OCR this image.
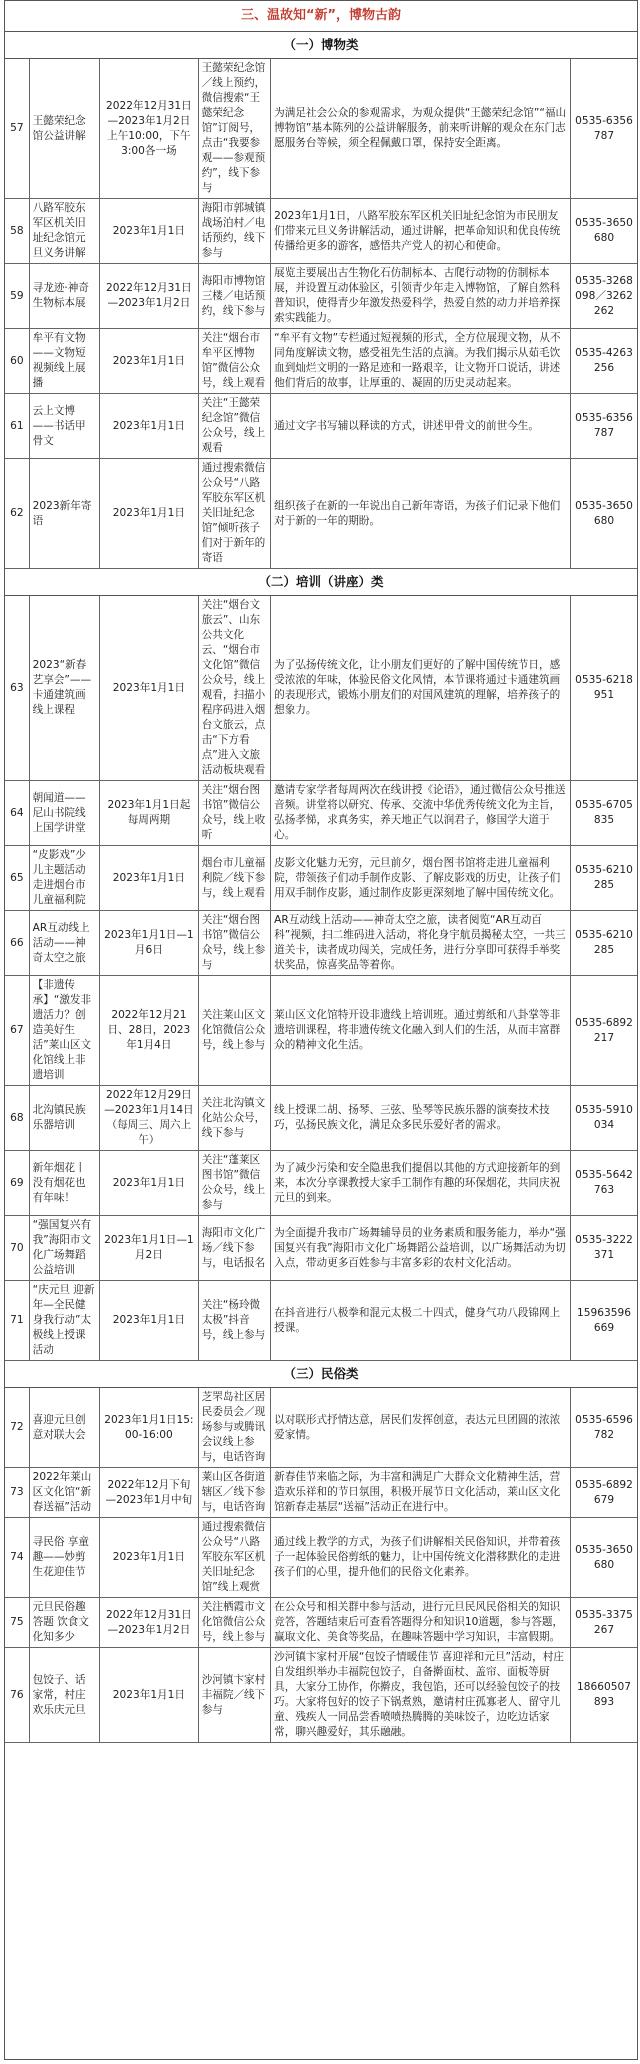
三、温故知“新”，博物古韵
（一）博物类
57	王懿荣纪念馆公益讲解	2022年12月31日—2023年1月2日上午10:00，下午3:00各一场	王懿荣纪念馆／线上预约，微信搜索“王懿荣纪念馆”订阅号，点击“我要参观——参观预约”，线下参与	为满足社会公众的参观需求，为观众提供“王懿荣纪念馆”“福山博物馆”基本陈列的公益讲解服务，前来听讲解的观众在东门志愿服务台等候，须全程佩戴口罩，保持安全距离。	0535-6356787
58	八路军胶东军区机关旧址纪念馆元旦义务讲解	2023年1月1日	海阳市郭城镇战场泊村／电话预约，线下参与	2023年1月1日，八路军胶东军区机关旧址纪念馆为市民朋友们带来元旦义务讲解活动，通过讲解，把革命知识和优良传统传播给更多的游客，感悟共产党人的初心和使命。	0535-3650680
59	寻龙迹·神奇生物标本展	2022年12月31日—2023年1月2日	海阳市博物馆三楼／电话预约，线下参与	展览主要展出古生物化石仿制标本、古爬行动物的仿制标本展，并设置互动体验区，引领青少年走入博物馆，了解自然科普知识，使得青少年激发热爱科学，热爱自然的动力并培养探索实践能力。	0535-3268098／3262262
60	牟平有文物——文物短视频线上展播	2023年1月1日	关注“烟台市牟平区博物馆”微信公众号，线上观看	“牟平有文物”专栏通过短视频的形式，全方位展现文物，从不同角度解读文物，感受祖先生活的点滴。为我们揭示从茹毛饮血到灿烂文明的一路足迹和一路艰辛，让文物开口说话，讲述他们背后的故事，让厚重的、凝固的历史灵动起来。	0535-4263256
61	云上文博——书话甲骨文	2023年1月1日	关注“王懿荣纪念馆”微信公众号，线上观看	通过文字书写辅以释读的方式，讲述甲骨文的前世今生。	0535-6356787
62	2023新年寄语	2023年1月1日	通过搜索微信公众号“八路军胶东军区机关旧址纪念馆”倾听孩子们对于新年的寄语	组织孩子在新的一年说出自己新年寄语，为孩子们记录下他们对于新的一年的期盼。	0535-3650680
（二）培训（讲座）类
63	2023“新春艺享会”——卡通建筑画线上课程	2023年1月1日	关注“烟台文旅云”、山东公共文化云、“烟台市文化馆”微信公众号，线上观看，扫描小程序码进入烟台文旅云，点击“下方看点”进入文旅活动板块观看	为了弘扬传统文化，让小朋友们更好的了解中国传统节日，感受浓浓的年味，体验民俗文化风情，本节课将通过卡通建筑画的表现形式，锻炼小朋友们的对国风建筑的理解，培养孩子的想象力。	0535-6218951
64	朝闻道——尼山书院线上国学讲堂	2023年1月1日起每周两期	关注“烟台图书馆”微信公众号，线上收听	邀请专家学者每周两次在线讲授《论语》，通过微信公众号推送音频。讲堂将以研究、传承、交流中华优秀传统文化为主旨，弘扬孝悌，求真务实，养天地正气以润君子，修国学大道于心。	0535-6705835
65	“皮影戏”少儿主题活动走进烟台市儿童福利院	2023年1月1日	烟台市儿童福利院／线下参与，线上观看	皮影文化魅力无穷，元旦前夕，烟台图书馆将走进儿童福利院，带领孩子们动手制作皮影、了解皮影戏的历史，让孩子们用双手制作皮影，通过制作皮影更深刻地了解中国传统文化。	0535-6210285
66	AR互动线上活动——神奇太空之旅	2023年1月1日—1月6日	关注“烟台图书馆”微信公众号，线上参与	AR互动线上活动——神奇太空之旅，读者阅览“AR互动百科”视频，扫二维码进入活动，将化身宇航员揭秘太空，一共三道关卡，读者成功闯关，完成任务，进行分享即可获得手举奖状奖品，惊喜奖品等着你。	0535-6210285
67	【非遗传承】“激发非遗活力？创造美好生活”莱山区文化馆线上非遗培训	2022年12月21日、28日，2023年1月4日	关注莱山区文化馆微信公众号，线上参与	莱山区文化馆特开设非遗线上培训班。通过剪纸和八卦掌等非遗培训课程，将非遗传统文化融入到人们的生活，从而丰富群众的精神文化生活。	0535-6892217
68	北沟镇民族乐器培训	2022年12月29日—2023年1月14日（每周三、周六上午）	关注北沟镇文化站公众号，线下参与	线上授课二胡、扬琴、三弦、坠琴等民族乐器的演奏技术技巧，弘扬民族文化，满足众多民乐爱好者的需求。	0535-5910034
69	新年烟花丨没有烟花也有年味！	2023年1月1日	关注“蓬莱区图书馆”微信公众号，线上参与	为了减少污染和安全隐患我们提倡以其他的方式迎接新年的到来，本次分享课教授大家手工制作有趣的环保烟花，共同庆祝元旦的到来。	0535-5642763
70	“强国复兴有我”海阳市文化广场舞蹈公益培训	2023年1月1日—1月2日	海阳市文化广场／线下参与，电话报名	为全面提升我市广场舞辅导员的业务素质和服务能力，举办“强国复兴有我”海阳市文化广场舞蹈公益培训，以广场舞活动为切入点，带动更多百姓参与丰富多彩的农村文化活动。	0535-3222371
71	“庆元旦 迎新年—全民健身我行动”太极线上授课活动	2023年1月1日	关注“杨玲微太极”抖音号，线上参与	在抖音进行八极拳和混元太极二十四式，健身气功八段锦网上授课。	15963596669
（三）民俗类
72	喜迎元旦创意对联大会	2023年1月1日15:00-16:00	芝罘岛社区居民委员会／现场参与或腾讯会议线上参与，电话咨询	以对联形式抒情达意，居民们发挥创意，表达元旦团圆的浓浓爱家情。	0535-6596782
73	2022年莱山区文化馆“新春送福”活动	2022年12月下旬—2023年1月中旬	莱山区各街道辖区／线下参与，电话咨询	新春佳节来临之际，为丰富和满足广大群众文化精神生活，营造欢乐祥和的节日氛围，积极开展节日文化活动，莱山区文化馆新春走基层“送福”活动正在进行中。	0535-6892679
74	寻民俗 享童趣——妙剪生花迎佳节	2023年1月1日	通过搜索微信公众号“八路军胶东军区机关旧址纪念馆”线上观赏	通过线上教学的方式，为孩子们讲解相关民俗知识，并带着孩子一起体验民俗剪纸的魅力，让中国传统文化潜移默化的走进孩子们的心里，提升他们的民俗文化素养。	0535-3650680
75	元旦民俗趣答题 饮食文化知多少	2022年12月31日—2023年1月2日	关注栖霞市文化馆微信公众号，线上参与	在公众号和相关群中参与活动，进行元旦民风民俗相关的知识竞答，答题结束后可查看答题得分和知识10道题，参与答题，赢取文化、美食等奖品，在趣味答题中学习知识，丰富假期。	0535-3375267
76	包饺子、话家常，村庄欢乐庆元旦	2023年1月1日	沙河镇卞家村丰福院／线下参与	沙河镇卞家村开展“包饺子情暖佳节 喜迎祥和元旦”活动，村庄自发组织举办丰福院包饺子，自备擀面杖、盖帘、面板等厨具，大家分工协作，你擀皮，我包馅，还可以经验包饺子的技巧。大家将包好的饺子下锅煮熟，邀请村庄孤寡老人、留守儿童、残疾人一同品尝香喷喷热腾腾的美味饺子，边吃边话家常，聊兴趣爱好，其乐融融。	18660507893
